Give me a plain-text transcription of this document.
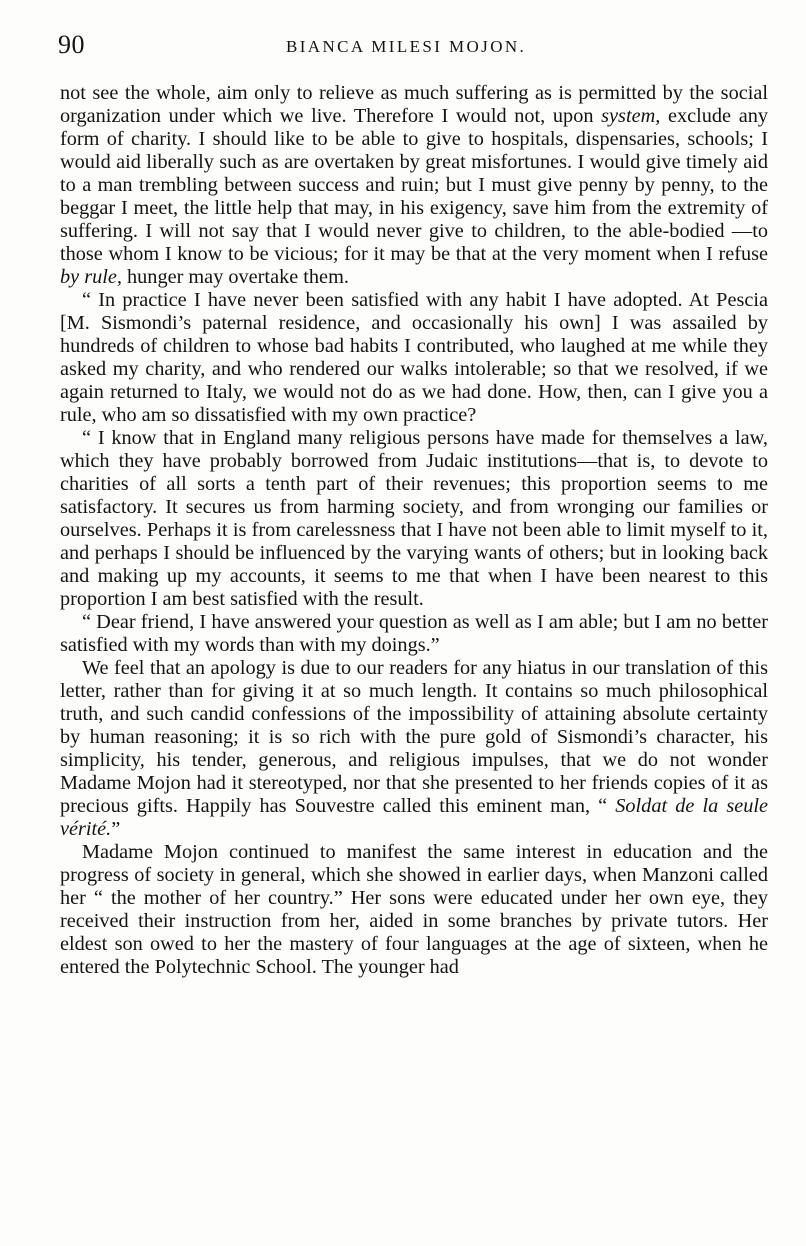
90	BIANCA MILESI MOJON.

not see the whole, aim only to relieve as much suffering as is permitted by the social organization under which we live. Therefore I would not, upon system, exclude any form of charity. I should like to be able to give to hospitals, dispensaries, schools; I would aid liberally such as are overtaken by great misfortunes. I would give timely aid to a man trembling between success and ruin; but I must give penny by penny, to the beggar I meet, the little help that may, in his exigency, save him from the extremity of suffering. I will not say that I would never give to children, to the able-bodied —to those whom I know to be vicious; for it may be that at the very moment when I refuse by rule, hunger may overtake them.

“ In practice I have never been satisfied with any habit I have adopted. At Pescia [M. Sismondi’s paternal residence, and occasionally his own] I was assailed by hundreds of children to whose bad habits I contributed, who laughed at me while they asked my charity, and who rendered our walks intolerable; so that we resolved, if we again returned to Italy, we would not do as we had done. How, then, can I give you a rule, who am so dissatisfied with my own practice?

“ I know that in England many religious persons have made for themselves a law, which they have probably borrowed from Judaic institutions—that is, to devote to charities of all sorts a tenth part of their revenues; this proportion seems to me satisfactory. It secures us from harming society, and from wronging our families or ourselves. Perhaps it is from carelessness that I have not been able to limit myself to it, and perhaps I should be influenced by the varying wants of others; but in looking back and making up my accounts, it seems to me that when I have been nearest to this proportion I am best satisfied with the result.

“ Dear friend, I have answered your question as well as I am able; but I am no better satisfied with my words than with my doings.”

We feel that an apology is due to our readers for any hiatus in our translation of this letter, rather than for giving it at so much length. It contains so much philosophical truth, and such candid confessions of the impossibility of attaining absolute certainty by human reasoning; it is so rich with the pure gold of Sismondi’s character, his simplicity, his tender, generous, and religious impulses, that we do not wonder Madame Mojon had it stereotyped, nor that she presented to her friends copies of it as precious gifts. Happily has Souvestre called this eminent man, “ Soldat de la seule vérité.”

Madame Mojon continued to manifest the same interest in education and the progress of society in general, which she showed in earlier days, when Manzoni called her “ the mother of her country.” Her sons were educated under her own eye, they received their instruction from her, aided in some branches by private tutors. Her eldest son owed to her the mastery of four languages at the age of sixteen, when he entered the Polytechnic School. The younger had
